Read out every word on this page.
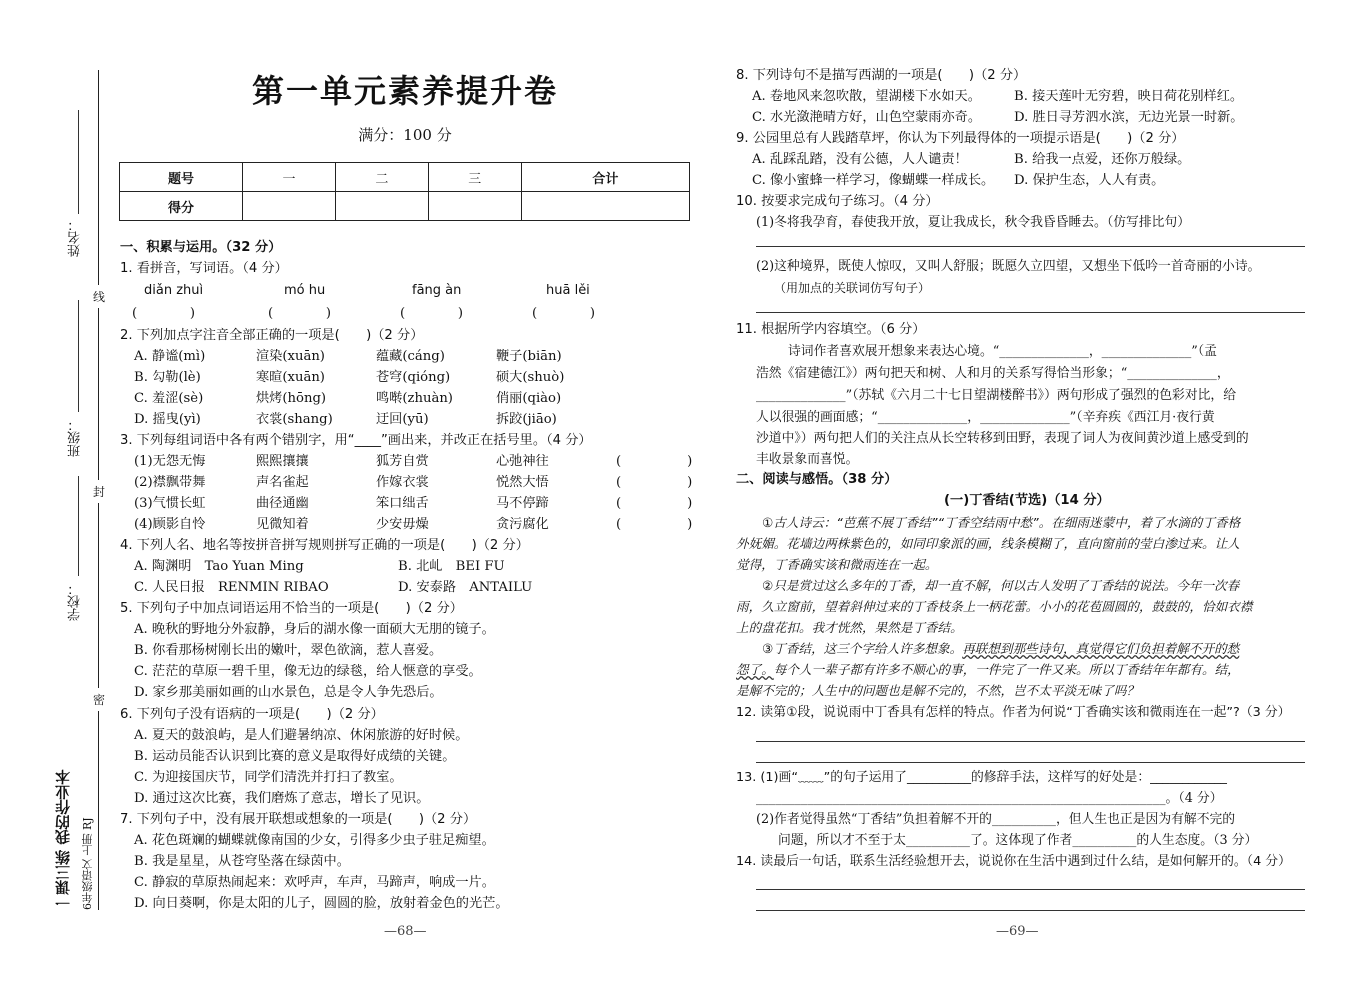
姓名：
班级：
学校：
线
封
密
一课三练 我的作业本 6年级语文 上册 RJ
第一单元素养提升卷
满分：100 分
题号	一	二	三	合计
得分				
一、积累与运用。（32 分）
1. 看拼音，写词语。（4 分）
diǎn zhuì	mó hu	fāng àn	huā lěi
(　　　　)	(　　　　)	(　　　　)	(　　　　)
2. 下列加点字注音全部正确的一项是(　　)（2 分）
A. 静谧(mì)	渲染(xuān)	蕴藏(cáng)	鞭子(biān)
B. 勾勒(lè)	寒暄(xuān)	苍穹(qióng)	硕大(shuò)
C. 羞涩(sè)	烘烤(hōng)	鸣啭(zhuàn)	俏丽(qiào)
D. 摇曳(yì)	衣裳(shang)	迂回(yū)	拆跤(jiāo)
3. 下列每组词语中各有两个错别字，用“____”画出来，并改正在括号里。（4 分）
(1)无怨无悔	熙熙攘攘	狐芳自赏	心弛神往	(　　　　　)
(2)襟飘带舞	声名雀起	作嫁衣裳	悦然大悟	(　　　　　)
(3)气惯长虹	曲径通幽	笨口绌舌	马不停蹄	(　　　　　)
(4)顾影自怜	见微知着	少安毋燥	贪污腐化	(　　　　　)
4. 下列人名、地名等按拼音拼写规则拼写正确的一项是(　　)（2 分）
A. 陶渊明　Tao Yuan Ming	B. 北乢　BEI FU
C. 人民日报　RENMIN RIBAO	D. 安泰路　ANTAILU
5. 下列句子中加点词语运用不恰当的一项是(　　)（2 分）
A. 晚秋的野地分外寂静，身后的湖水像一面硕大无朋的镜子。
B. 你看那杨树刚长出的嫩叶，翠色欲滴，惹人喜爱。
C. 茫茫的草原一碧千里，像无边的绿毯，给人惬意的享受。
D. 家乡那美丽如画的山水景色，总是令人争先恐后。
6. 下列句子没有语病的一项是(　　)（2 分）
A. 夏天的鼓浪屿，是人们避暑纳凉、休闲旅游的好时候。
B. 运动员能否认识到比赛的意义是取得好成绩的关键。
C. 为迎接国庆节，同学们清洗并打扫了教室。
D. 通过这次比赛，我们磨炼了意志，增长了见识。
7. 下列句子中，没有展开联想或想象的一项是(　　)（2 分）
A. 花色斑斓的蝴蝶就像南国的少女，引得多少虫子驻足痴望。
B. 我是星星，从苍穹坠落在绿茵中。
C. 静寂的草原热闹起来：欢呼声，车声，马蹄声，响成一片。
D. 向日葵啊，你是太阳的儿子，圆圆的脸，放射着金色的光芒。
—68—
8. 下列诗句不是描写西湖的一项是(　　)（2 分）
A. 卷地风来忽吹散，望湖楼下水如天。	B. 接天莲叶无穷碧，映日荷花别样红。
C. 水光潋滟晴方好，山色空蒙雨亦奇。 D. 胜日寻芳泗水滨，无边光景一时新。
9. 公园里总有人践踏草坪，你认为下列最得体的一项提示语是(　　)（2 分）
A. 乱踩乱踏，没有公德，人人谴责！	B. 给我一点爱，还你万般绿。
C. 像小蜜蜂一样学习，像蝴蝶一样成长。 D. 保护生态，人人有责。
10. 按要求完成句子练习。（4 分）
(1)冬将我孕育，春使我开放，夏让我成长，秋令我昏昏睡去。（仿写排比句）
(2)这种境界，既使人惊叹，又叫人舒服；既愿久立四望，又想坐下低吟一首奇丽的小诗。
（用加点的关联词仿写句子）
11. 根据所学内容填空。（6 分）
诗词作者喜欢展开想象来表达心境。“______________，______________”（孟
浩然《宿建德江》）两句把天和树、人和月的关系写得恰当形象；“______________，
______________”（苏轼《六月二十七日望湖楼醉书》）两句形成了强烈的色彩对比，给
人以很强的画面感；“______________，______________”（辛弃疾《西江月·夜行黄
沙道中》）两句把人们的关注点从长空转移到田野，表现了词人为夜间黄沙道上感受到的
丰收景象而喜悦。
二、阅读与感悟。（38 分）
(一)丁香结(节选)（14 分）
①古人诗云：“芭蕉不展丁香结”“丁香空结雨中愁”。在细雨迷蒙中，着了水滴的丁香格
外妩媚。花墙边两株紫色的，如同印象派的画，线条模糊了，直向窗前的莹白渗过来。让人
觉得，丁香确实该和微雨连在一起。
②只是赏过这么多年的丁香，却一直不解，何以古人发明了丁香结的说法。今年一次春
雨，久立窗前，望着斜伸过来的丁香枝条上一柄花蕾。小小的花苞圆圆的，鼓鼓的，恰如衣襟
上的盘花扣。我才恍然，果然是丁香结。
③丁香结，这三个字给人许多想象。再联想到那些诗句，真觉得它们负担着解不开的愁
怨了。每个人一辈子都有许多不顺心的事，一件完了一件又来。所以丁香结年年都有。结，
是解不完的；人生中的问题也是解不完的，不然，岂不太平淡无味了吗？
12. 读第①段，说说雨中丁香具有怎样的特点。作者为何说“丁香确实该和微雨连在一起”?（3 分）
13. (1)画“﹏﹏”的句子运用了__________的修辞手法，这样写的好处是：____________
________________________________________________________________。（4 分）
(2)作者觉得虽然“丁香结”负担着解不开的__________，但人生也正是因为有解不完的
问题，所以才不至于太__________了。这体现了作者__________的人生态度。（3 分）
14. 读最后一句话，联系生活经验想开去，说说你在生活中遇到过什么结，是如何解开的。（4 分）
—69—
